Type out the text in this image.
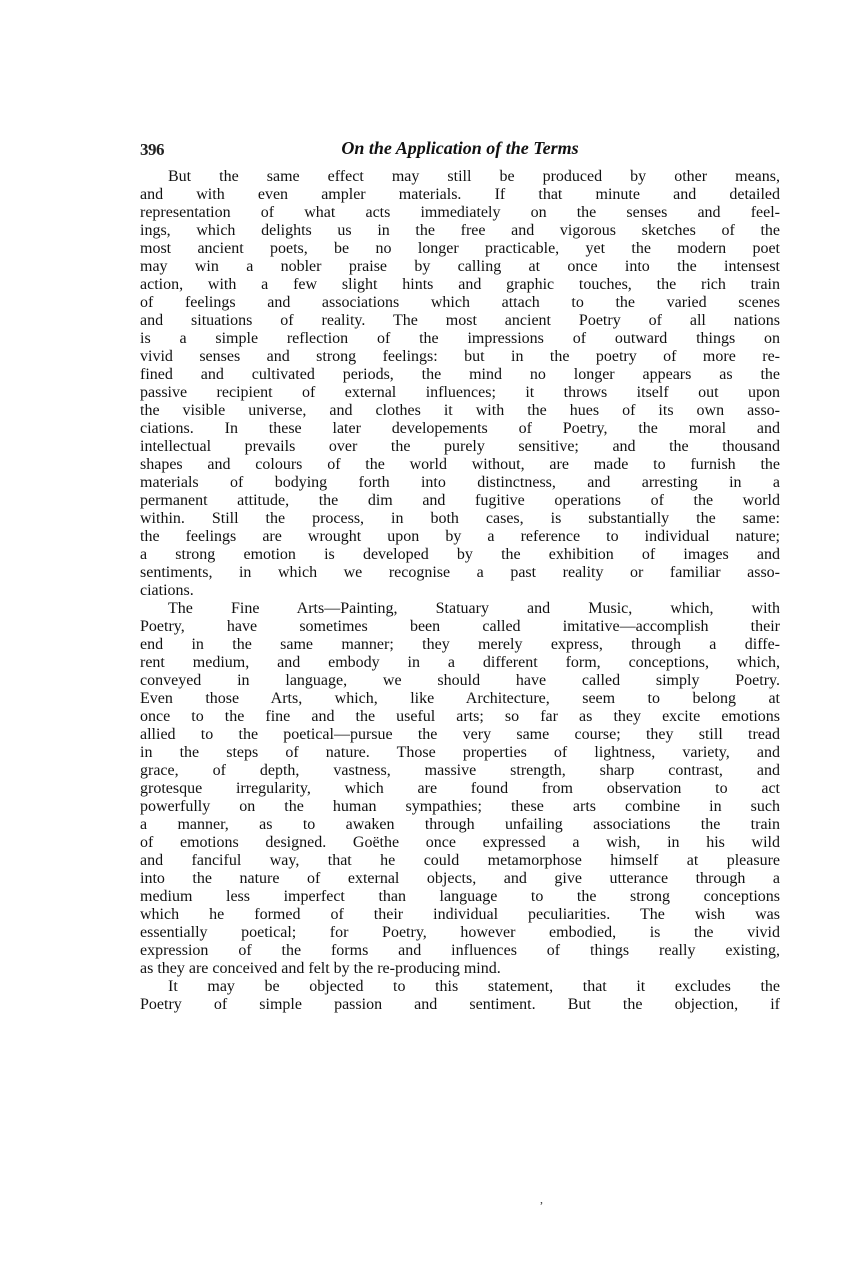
396	On the Application of the Terms
But the same effect may still be produced by other means,
and with even ampler materials. If that minute and detailed
representation of what acts immediately on the senses and feel-
ings, which delights us in the free and vigorous sketches of the
most ancient poets, be no longer practicable, yet the modern poet
may win a nobler praise by calling at once into the intensest
action, with a few slight hints and graphic touches, the rich train
of feelings and associations which attach to the varied scenes
and situations of reality. The most ancient Poetry of all nations
is a simple reflection of the impressions of outward things on
vivid senses and strong feelings: but in the poetry of more re-
fined and cultivated periods, the mind no longer appears as the
passive recipient of external influences; it throws itself out upon
the visible universe, and clothes it with the hues of its own asso-
ciations. In these later developements of Poetry, the moral and
intellectual prevails over the purely sensitive; and the thousand
shapes and colours of the world without, are made to furnish the
materials of bodying forth into distinctness, and arresting in a
permanent attitude, the dim and fugitive operations of the world
within. Still the process, in both cases, is substantially the same:
the feelings are wrought upon by a reference to individual nature;
a strong emotion is developed by the exhibition of images and
sentiments, in which we recognise a past reality or familiar asso-
ciations.
The Fine Arts—Painting, Statuary and Music, which, with
Poetry, have sometimes been called imitative—accomplish their
end in the same manner; they merely express, through a diffe-
rent medium, and embody in a different form, conceptions, which,
conveyed in language, we should have called simply Poetry.
Even those Arts, which, like Architecture, seem to belong at
once to the fine and the useful arts; so far as they excite emotions
allied to the poetical—pursue the very same course; they still tread
in the steps of nature. Those properties of lightness, variety, and
grace, of depth, vastness, massive strength, sharp contrast, and
grotesque irregularity, which are found from observation to act
powerfully on the human sympathies; these arts combine in such
a manner, as to awaken through unfailing associations the train
of emotions designed. Goëthe once expressed a wish, in his wild
and fanciful way, that he could metamorphose himself at pleasure
into the nature of external objects, and give utterance through a
medium less imperfect than language to the strong conceptions
which he formed of their individual peculiarities. The wish was
essentially poetical; for Poetry, however embodied, is the vivid
expression of the forms and influences of things really existing,
as they are conceived and felt by the re-producing mind.
It may be objected to this statement, that it excludes the
Poetry of simple passion and sentiment. But the objection, if
,
